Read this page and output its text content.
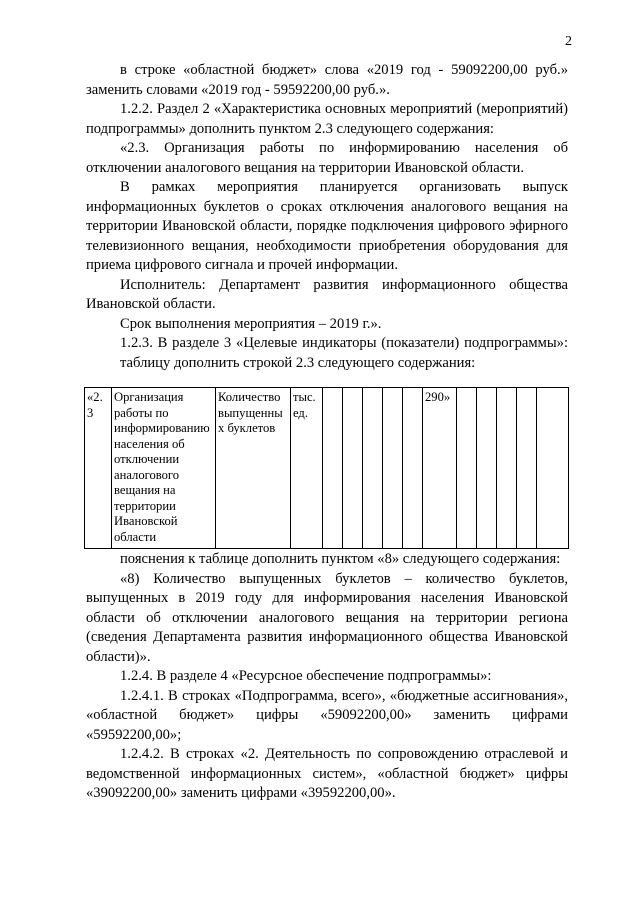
2

в строке «областной бюджет» слова «2019 год - 59092200,00 руб.» заменить словами «2019 год - 59592200,00 руб.».

1.2.2. Раздел 2 «Характеристика основных мероприятий (мероприятий) подпрограммы» дополнить пунктом 2.3 следующего содержания:

«2.3. Организация работы по информированию населения об отключении аналогового вещания на территории Ивановской области.

В рамках мероприятия планируется организовать выпуск информационных буклетов о сроках отключения аналогового вещания на территории Ивановской области, порядке подключения цифрового эфирного телевизионного вещания, необходимости приобретения оборудования для приема цифрового сигнала и прочей информации.

Исполнитель: Департамент развития информационного общества Ивановской области.

Срок выполнения мероприятия – 2019 г.».

1.2.3. В разделе 3 «Целевые индикаторы (показатели) подпрограммы»:

таблицу дополнить строкой 2.3 следующего содержания:

«2.3	Организация работы по информированию населения об отключении аналогового вещания на территории Ивановской области	Количество выпущенных буклетов	тыс. ед.						290»					

пояснения к таблице дополнить пунктом «8» следующего содержания:

«8) Количество выпущенных буклетов – количество буклетов, выпущенных в 2019 году для информирования населения Ивановской области об отключении аналогового вещания на территории региона (сведения Департамента развития информационного общества Ивановской области)».

1.2.4. В разделе 4 «Ресурсное обеспечение подпрограммы»:

1.2.4.1. В строках «Подпрограмма, всего», «бюджетные ассигнования», «областной бюджет» цифры «59092200,00» заменить цифрами «59592200,00»;

1.2.4.2. В строках «2. Деятельность по сопровождению отраслевой и ведомственной информационных систем», «областной бюджет» цифры «39092200,00» заменить цифрами «39592200,00».
